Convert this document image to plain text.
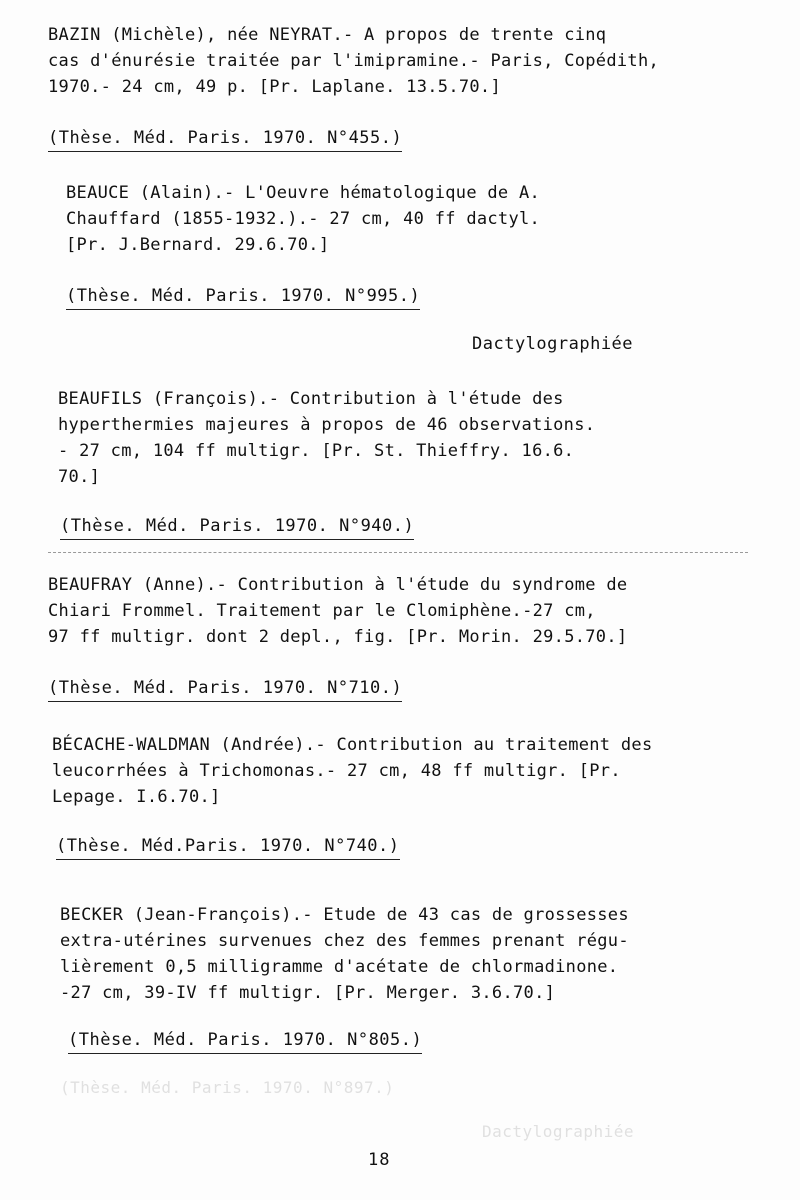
(Thèse. Méd. Paris. 1970. N°897.)
Dactylographiée
BAZIN (Michèle), née NEYRAT.- A propos de trente cinq
cas d'énurésie traitée par l'imipramine.- Paris, Copédith,
1970.- 24 cm, 49 p. [Pr. Laplane. 13.5.70.]
(Thèse. Méd. Paris. 1970. N°455.)
BEAUCE (Alain).- L'Oeuvre hématologique de A.
Chauffard (1855-1932.).- 27 cm, 40 ff dactyl.
[Pr. J.Bernard. 29.6.70.]
(Thèse. Méd. Paris. 1970. N°995.)
Dactylographiée
BEAUFILS (François).- Contribution à l'étude des
hyperthermies majeures à propos de 46 observations.
- 27 cm, 104 ff multigr. [Pr. St. Thieffry. 16.6.
70.]
(Thèse. Méd. Paris. 1970. N°940.)
BEAUFRAY (Anne).- Contribution à l'étude du syndrome de
Chiari Frommel. Traitement par le Clomiphène.-27 cm,
97 ff multigr. dont 2 depl., fig. [Pr. Morin. 29.5.70.]
(Thèse. Méd. Paris. 1970. N°710.)
BÉCACHE-WALDMAN (Andrée).- Contribution au traitement des
leucorrhées à Trichomonas.- 27 cm, 48 ff multigr. [Pr.
Lepage. I.6.70.]
(Thèse. Méd.Paris. 1970. N°740.)
BECKER (Jean-François).- Etude de 43 cas de grossesses
extra-utérines survenues chez des femmes prenant régu-
lièrement 0,5 milligramme d'acétate de chlormadinone.
-27 cm, 39-IV ff multigr. [Pr. Merger. 3.6.70.]
(Thèse. Méd. Paris. 1970. N°805.)
18
